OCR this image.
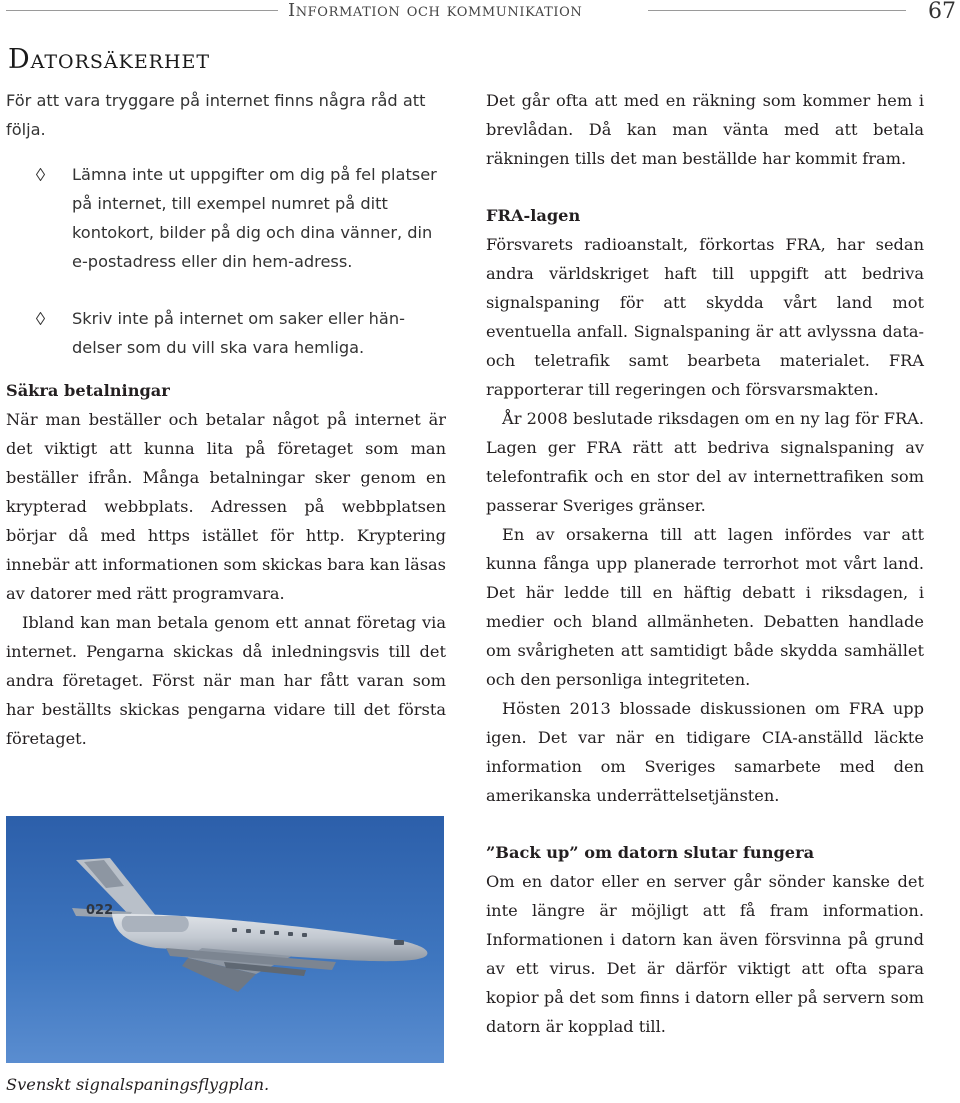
Information och kommunikation	67
Datorsäkerhet

För att vara tryggare på internet finns några råd att följa.

Lämna inte ut uppgifter om dig på fel platser på internet, till exempel numret på ditt kontokort, bilder på dig och dina vänner, din e-postadress eller din hem-adress.
Skriv inte på internet om saker eller hän-delser som du vill ska vara hemliga.
Säkra betalningar

När man beställer och betalar något på internet är det viktigt att kunna lita på företaget som man beställer ifrån. Många betalningar sker genom en krypterad webbplats. Adressen på webbplatsen börjar då med https istället för http. Kryptering innebär att informationen som skickas bara kan läsas av datorer med rätt programvara.

Ibland kan man betala genom ett annat företag via internet. Pengarna skickas då inledningsvis till det andra företaget. Först när man har fått varan som har beställts skickas pengarna vidare till det första företaget.

022
Svenskt signalspaningsflygplan.

Det går ofta att med en räkning som kommer hem i brevlådan. Då kan man vänta med att betala räkningen tills det man beställde har kommit fram.

FRA-lagen

Försvarets radioanstalt, förkortas FRA, har sedan andra världskriget haft till uppgift att bedriva signalspaning för att skydda vårt land mot eventuella anfall. Signalspaning är att avlyssna data- och teletrafik samt bearbeta materialet. FRA rapporterar till regeringen och försvarsmakten.

År 2008 beslutade riksdagen om en ny lag för FRA. Lagen ger FRA rätt att bedriva signalspaning av telefontrafik och en stor del av internettrafiken som passerar Sveriges gränser.

En av orsakerna till att lagen infördes var att kunna fånga upp planerade terrorhot mot vårt land. Det här ledde till en häftig debatt i riksdagen, i medier och bland allmänheten. Debatten handlade om svårigheten att samtidigt både skydda samhället och den personliga integriteten.

Hösten 2013 blossade diskussionen om FRA upp igen. Det var när en tidigare CIA-anställd läckte information om Sveriges samarbete med den amerikanska underrättelsetjänsten.

”Back up” om datorn slutar fungera

Om en dator eller en server går sönder kanske det inte längre är möjligt att få fram information. Informationen i datorn kan även försvinna på grund av ett virus. Det är därför viktigt att ofta spara kopior på det som finns i datorn eller på servern som datorn är kopplad till.
